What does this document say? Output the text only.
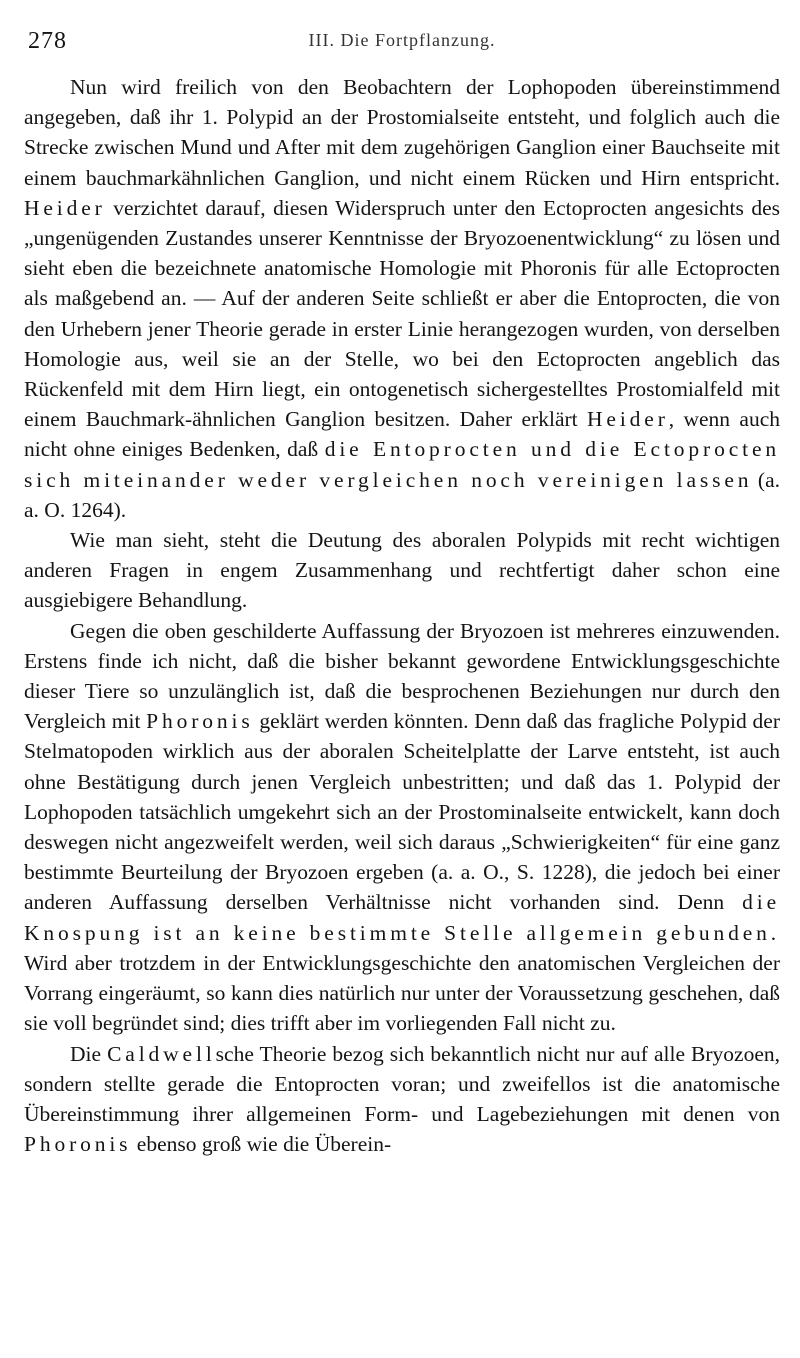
278	III. Die Fortpflanzung.

Nun wird freilich von den Beobachtern der Lophopoden übereinstimmend angegeben, daß ihr 1. Polypid an der Prostomialseite entsteht, und folglich auch die Strecke zwischen Mund und After mit dem zugehörigen Ganglion einer Bauchseite mit einem bauchmarkähnlichen Ganglion, und nicht einem Rücken und Hirn entspricht. Heider verzichtet darauf, diesen Widerspruch unter den Ectoprocten angesichts des „ungenügenden Zustandes unserer Kenntnisse der Bryozoenentwicklung“ zu lösen und sieht eben die bezeichnete anatomische Homologie mit Phoronis für alle Ectoprocten als maßgebend an. — Auf der anderen Seite schließt er aber die Entoprocten, die von den Urhebern jener Theorie gerade in erster Linie herangezogen wurden, von derselben Homologie aus, weil sie an der Stelle, wo bei den Ectoprocten angeblich das Rückenfeld mit dem Hirn liegt, ein ontogenetisch sichergestelltes Prostomialfeld mit einem Bauchmark-ähnlichen Ganglion besitzen. Daher erklärt Heider, wenn auch nicht ohne einiges Bedenken, daß die Entoprocten und die Ectoprocten sich miteinander weder vergleichen noch vereinigen lassen (a. a. O. 1264).

Wie man sieht, steht die Deutung des aboralen Polypids mit recht wichtigen anderen Fragen in engem Zusammenhang und rechtfertigt daher schon eine ausgiebigere Behandlung.

Gegen die oben geschilderte Auffassung der Bryozoen ist mehreres einzuwenden. Erstens finde ich nicht, daß die bisher bekannt gewordene Entwicklungsgeschichte dieser Tiere so unzulänglich ist, daß die besprochenen Beziehungen nur durch den Vergleich mit Phoronis geklärt werden könnten. Denn daß das fragliche Polypid der Stelmatopoden wirklich aus der aboralen Scheitelplatte der Larve entsteht, ist auch ohne Bestätigung durch jenen Vergleich unbestritten; und daß das 1. Polypid der Lophopoden tatsächlich umgekehrt sich an der Prostominalseite entwickelt, kann doch deswegen nicht angezweifelt werden, weil sich daraus „Schwierigkeiten“ für eine ganz bestimmte Beurteilung der Bryozoen ergeben (a. a. O., S. 1228), die jedoch bei einer anderen Auffassung derselben Verhältnisse nicht vorhanden sind. Denn die Knospung ist an keine bestimmte Stelle allgemein gebunden. Wird aber trotzdem in der Entwicklungsgeschichte den anatomischen Vergleichen der Vorrang eingeräumt, so kann dies natürlich nur unter der Voraussetzung geschehen, daß sie voll begründet sind; dies trifft aber im vorliegenden Fall nicht zu.

Die Caldwellsche Theorie bezog sich bekanntlich nicht nur auf alle Bryozoen, sondern stellte gerade die Entoprocten voran; und zweifellos ist die anatomische Übereinstimmung ihrer allgemeinen Form- und Lagebeziehungen mit denen von Phoronis ebenso groß wie die Überein-
